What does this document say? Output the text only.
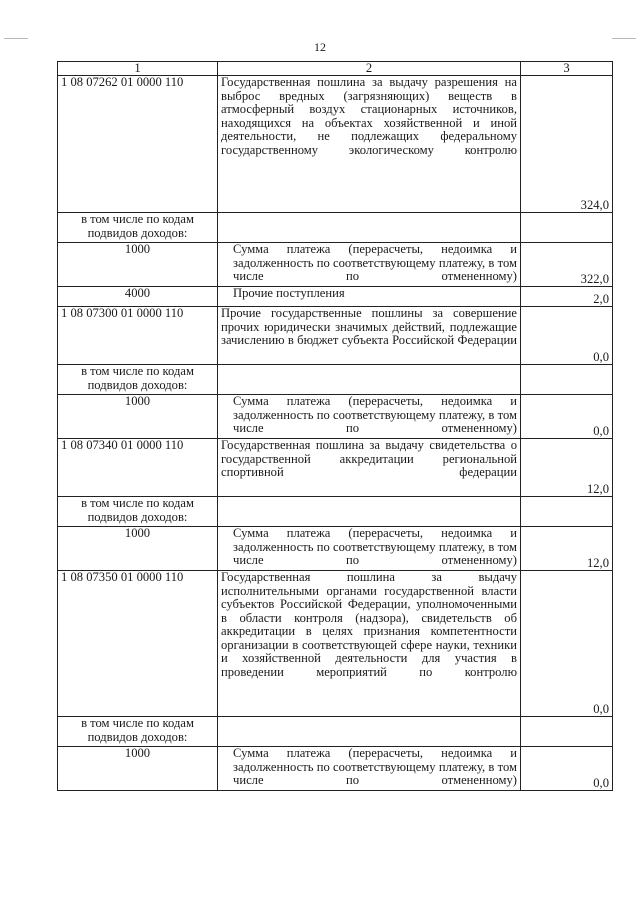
12
1	2	3
1 08 07262 01 0000 110	Государственная пошлина за выдачу разрешения на выброс вредных (загрязняющих) веществ в атмосферный воздух стационарных источников, находящихся на объектах хозяйственной и иной деятельности, не подлежащих федеральному государственному экологическому контролю	324,0
в том числе по кодам подвидов доходов:		
1000	Сумма платежа (перерасчеты, недоимка и задолженность по соответствующему платежу, в том числе по отмененному)	322,0
4000	Прочие поступления	2,0
1 08 07300 01 0000 110	Прочие государственные пошлины за совершение прочих юридически значимых действий, подлежащие зачислению в бюджет субъекта Российской Федерации	0,0
в том числе по кодам подвидов доходов:		
1000	Сумма платежа (перерасчеты, недоимка и задолженность по соответствующему платежу, в том числе по отмененному)	0,0
1 08 07340 01 0000 110	Государственная пошлина за выдачу свидетельства о государственной аккредитации региональной спортивной федерации	12,0
в том числе по кодам подвидов доходов:		
1000	Сумма платежа (перерасчеты, недоимка и задолженность по соответствующему платежу, в том числе по отмененному)	12,0
1 08 07350 01 0000 110	Государственная пошлина за выдачу исполнительными органами государственной власти субъектов Российской Федерации, уполномоченными в области контроля (надзора), свидетельств об аккредитации в целях признания компетентности организации в соответствующей сфере науки, техники и хозяйственной деятельности для участия в проведении мероприятий по контролю	0,0
в том числе по кодам подвидов доходов:		
1000	Сумма платежа (перерасчеты, недоимка и задолженность по соответствующему платежу, в том числе по отмененному)	0,0
